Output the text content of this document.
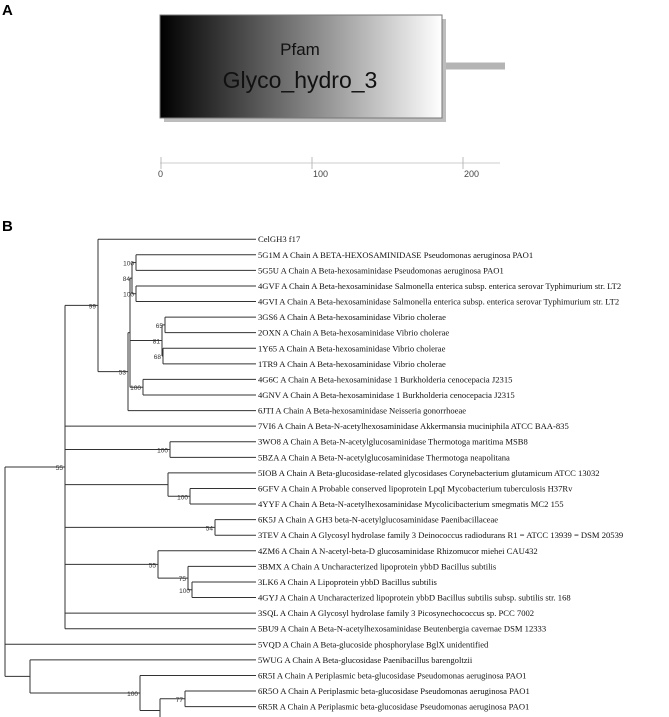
A
B
Pfam
Glyco_hydro_3
0	100	200
100
100
84
65
68
81
100
53
99
100
100
54
100
75
55
55
77
100
CelGH3 f17
5G1M A Chain A BETA-HEXOSAMINIDASE Pseudomonas aeruginosa PAO1
5G5U A Chain A Beta-hexosaminidase Pseudomonas aeruginosa PAO1
4GVF A Chain A Beta-hexosaminidase Salmonella enterica subsp. enterica serovar Typhimurium str. LT2
4GVI A Chain A Beta-hexosaminidase Salmonella enterica subsp. enterica serovar Typhimurium str. LT2
3GS6 A Chain A Beta-hexosaminidase Vibrio cholerae
2OXN A Chain A Beta-hexosaminidase Vibrio cholerae
1Y65 A Chain A Beta-hexosaminidase Vibrio cholerae
1TR9 A Chain A Beta-hexosaminidase Vibrio cholerae
4G6C A Chain A Beta-hexosaminidase 1 Burkholderia cenocepacia J2315
4GNV A Chain A Beta-hexosaminidase 1 Burkholderia cenocepacia J2315
6JTI A Chain A Beta-hexosaminidase Neisseria gonorrhoeae
7VI6 A Chain A Beta-N-acetylhexosaminidase Akkermansia muciniphila ATCC BAA-835
3WO8 A Chain A Beta-N-acetylglucosaminidase Thermotoga maritima MSB8
5BZA A Chain A Beta-N-acetylglucosaminidase Thermotoga neapolitana
5IOB A Chain A Beta-glucosidase-related glycosidases Corynebacterium glutamicum ATCC 13032
6GFV A Chain A Probable conserved lipoprotein LpqI Mycobacterium tuberculosis H37Rv
4YYF A Chain A Beta-N-acetylhexosaminidase Mycolicibacterium smegmatis MC2 155
6K5J A Chain A GH3 beta-N-acetylglucosaminidase Paenibacillaceae
3TEV A Chain A Glycosyl hydrolase family 3 Deinococcus radiodurans R1 = ATCC 13939 = DSM 20539
4ZM6 A Chain A N-acetyl-beta-D glucosaminidase Rhizomucor miehei CAU432
3BMX A Chain A Uncharacterized lipoprotein ybbD Bacillus subtilis
3LK6 A Chain A Lipoprotein ybbD Bacillus subtilis
4GYJ A Chain A Uncharacterized lipoprotein ybbD Bacillus subtilis subsp. subtilis str. 168
3SQL A Chain A Glycosyl hydrolase family 3 Picosynechococcus sp. PCC 7002
5BU9 A Chain A Beta-N-acetylhexosaminidase Beutenbergia cavernae DSM 12333
5VQD A Chain A Beta-glucoside phosphorylase BglX unidentified
5WUG A Chain A Beta-glucosidase Paenibacillus barengoltzii
6R5I A Chain A Periplasmic beta-glucosidase Pseudomonas aeruginosa PAO1
6R5O A Chain A Periplasmic beta-glucosidase Pseudomonas aeruginosa PAO1
6R5R A Chain A Periplasmic beta-glucosidase Pseudomonas aeruginosa PAO1
